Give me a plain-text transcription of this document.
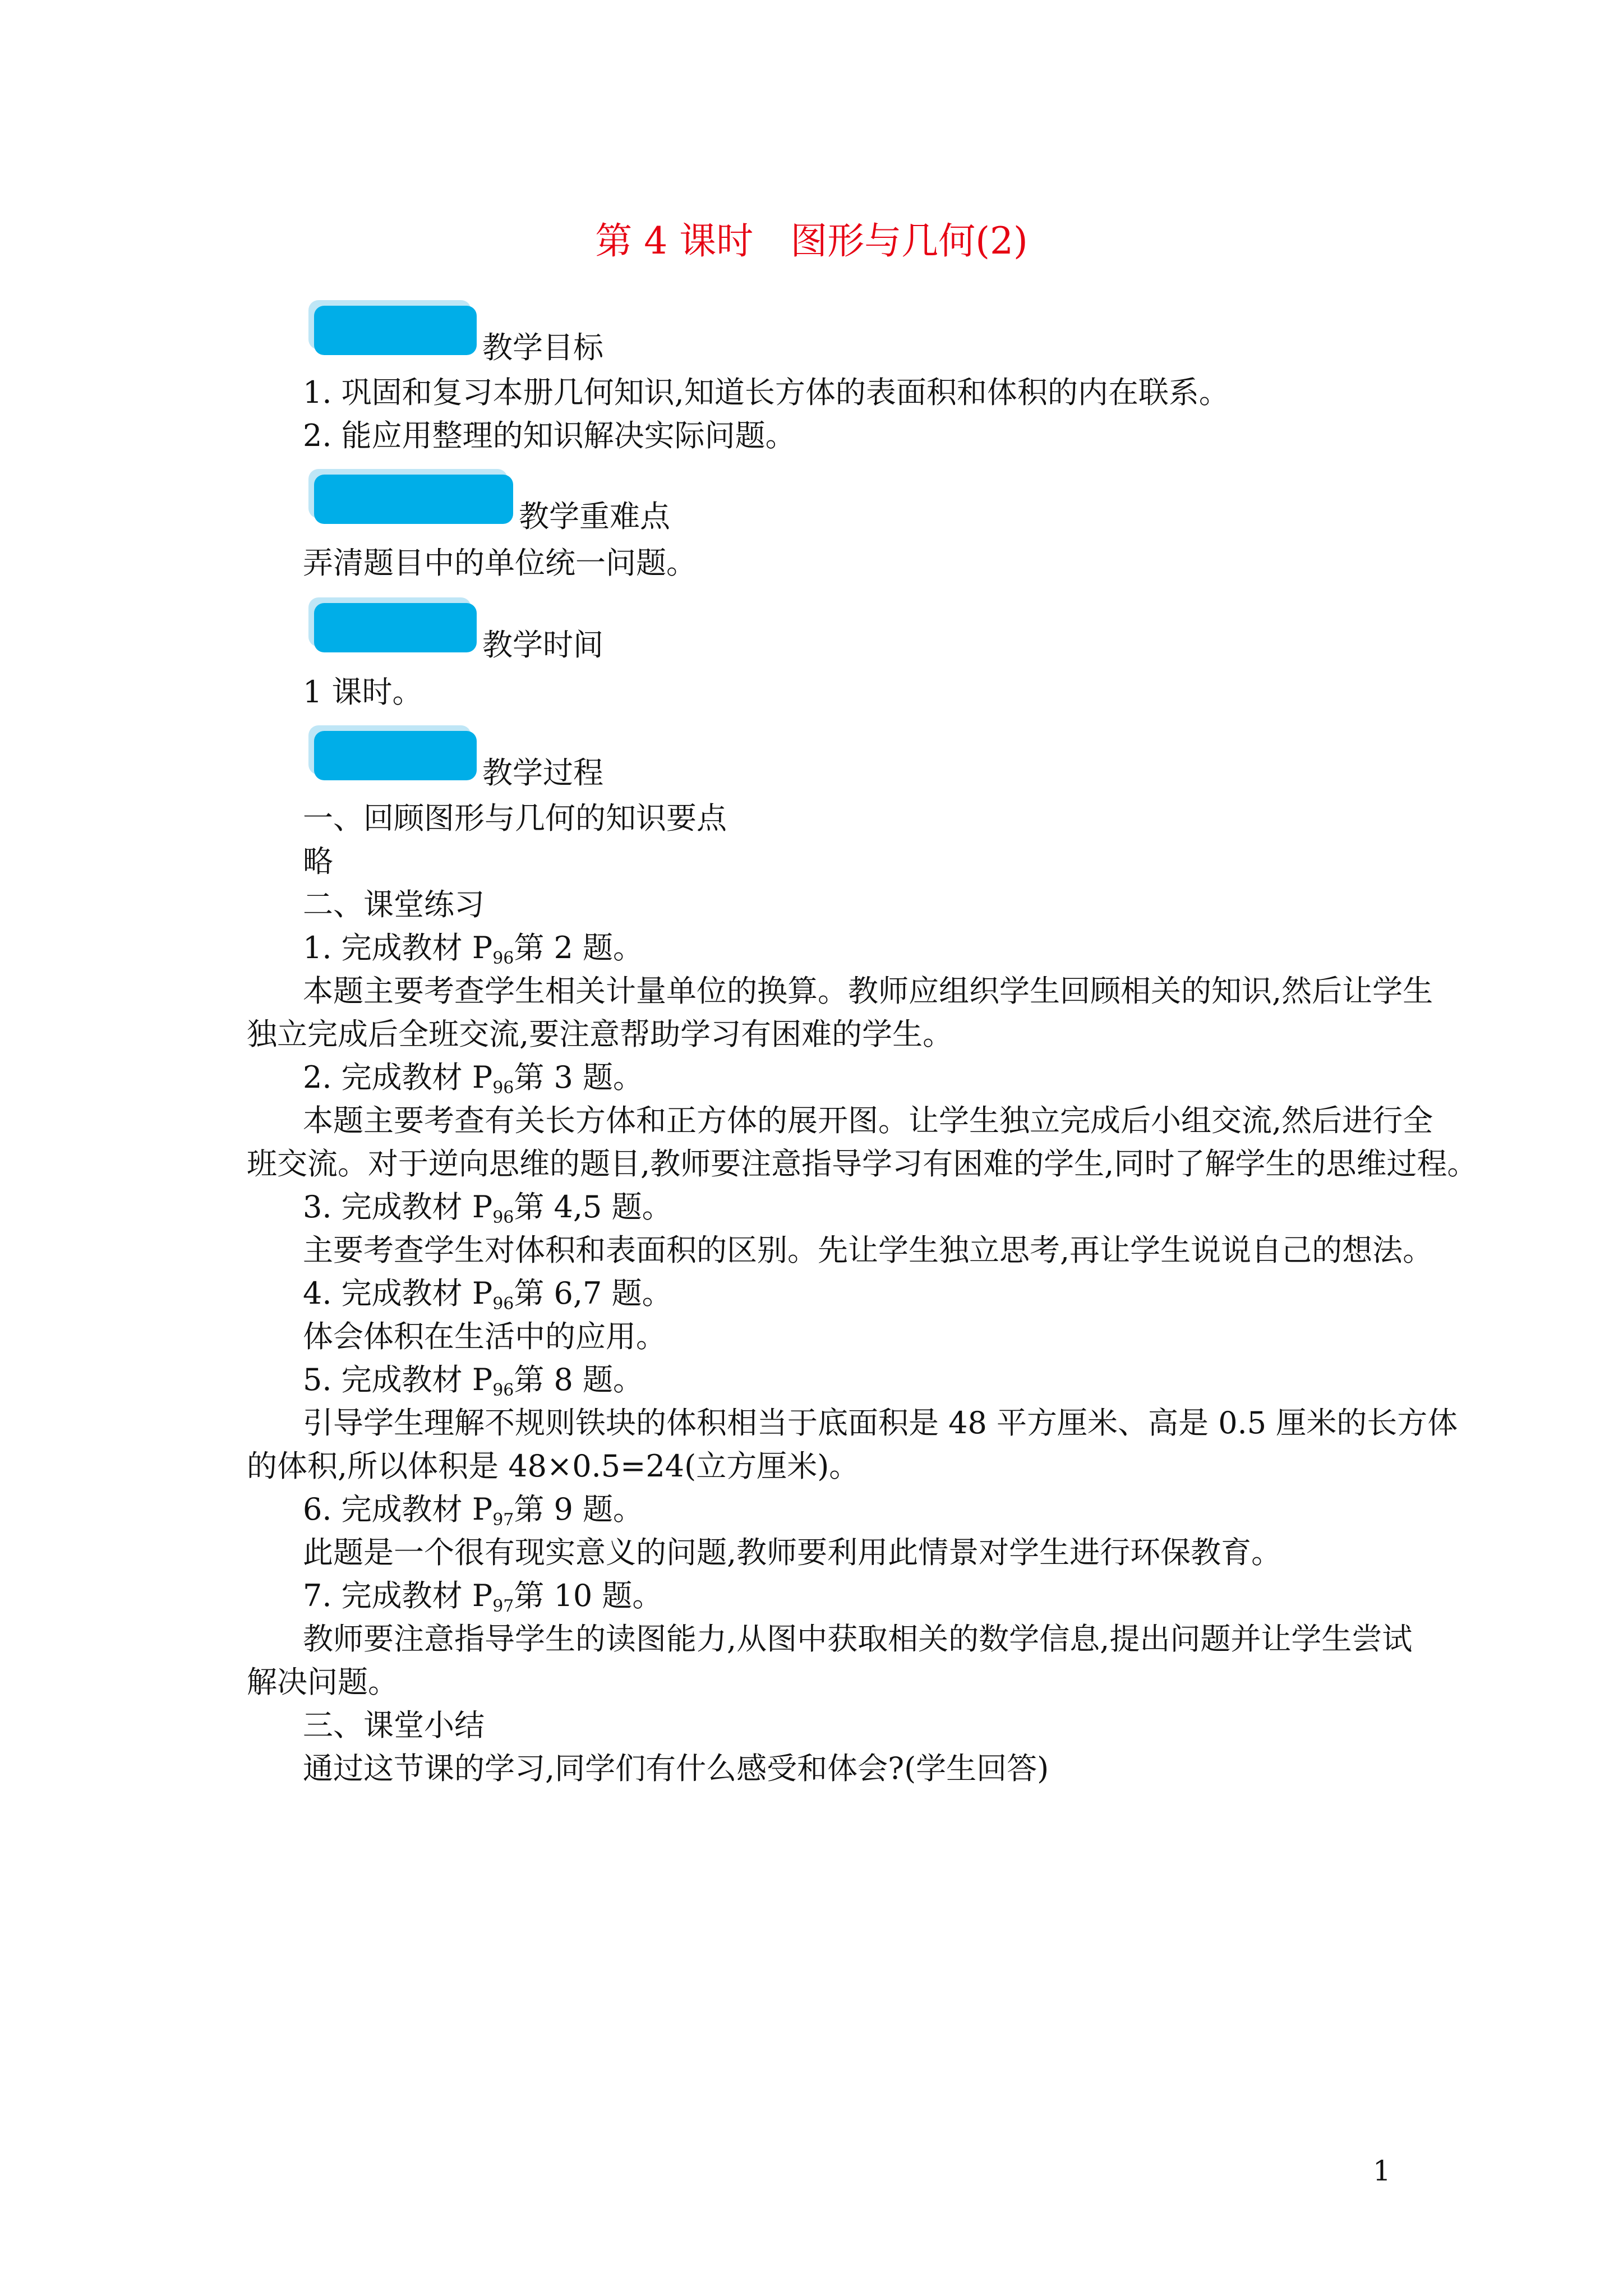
第 4 课时　图形与几何(2)
教学目标
1. 巩固和复习本册几何知识,知道长方体的表面积和体积的内在联系。
2. 能应用整理的知识解决实际问题。
教学重难点
弄清题目中的单位统一问题。
教学时间
1 课时。
教学过程
一、回顾图形与几何的知识要点
略
二、课堂练习
1. 完成教材 $P_{96}$第 2 题。
本题主要考查学生相关计量单位的换算。教师应组织学生回顾相关的知识,然后让学生
独立完成后全班交流,要注意帮助学习有困难的学生。
2. 完成教材 $P_{96}$第 3 题。
本题主要考查有关长方体和正方体的展开图。让学生独立完成后小组交流,然后进行全
班交流。对于逆向思维的题目,教师要注意指导学习有困难的学生,同时了解学生的思维过程。
3. 完成教材 $P_{96}$第 4,5 题。
主要考查学生对体积和表面积的区别。先让学生独立思考,再让学生说说自己的想法。
4. 完成教材 $P_{96}$第 6,7 题。
体会体积在生活中的应用。
5. 完成教材 $P_{96}$第 8 题。
引导学生理解不规则铁块的体积相当于底面积是 48 平方厘米、高是 0.5 厘米的长方体
的体积,所以体积是 48×0.5=24(立方厘米)。
6. 完成教材 $P_{97}$第 9 题。
此题是一个很有现实意义的问题,教师要利用此情景对学生进行环保教育。
7. 完成教材 $P_{97}$第 10 题。
教师要注意指导学生的读图能力,从图中获取相关的数学信息,提出问题并让学生尝试
解决问题。
三、课堂小结
通过这节课的学习,同学们有什么感受和体会?(学生回答)
1
